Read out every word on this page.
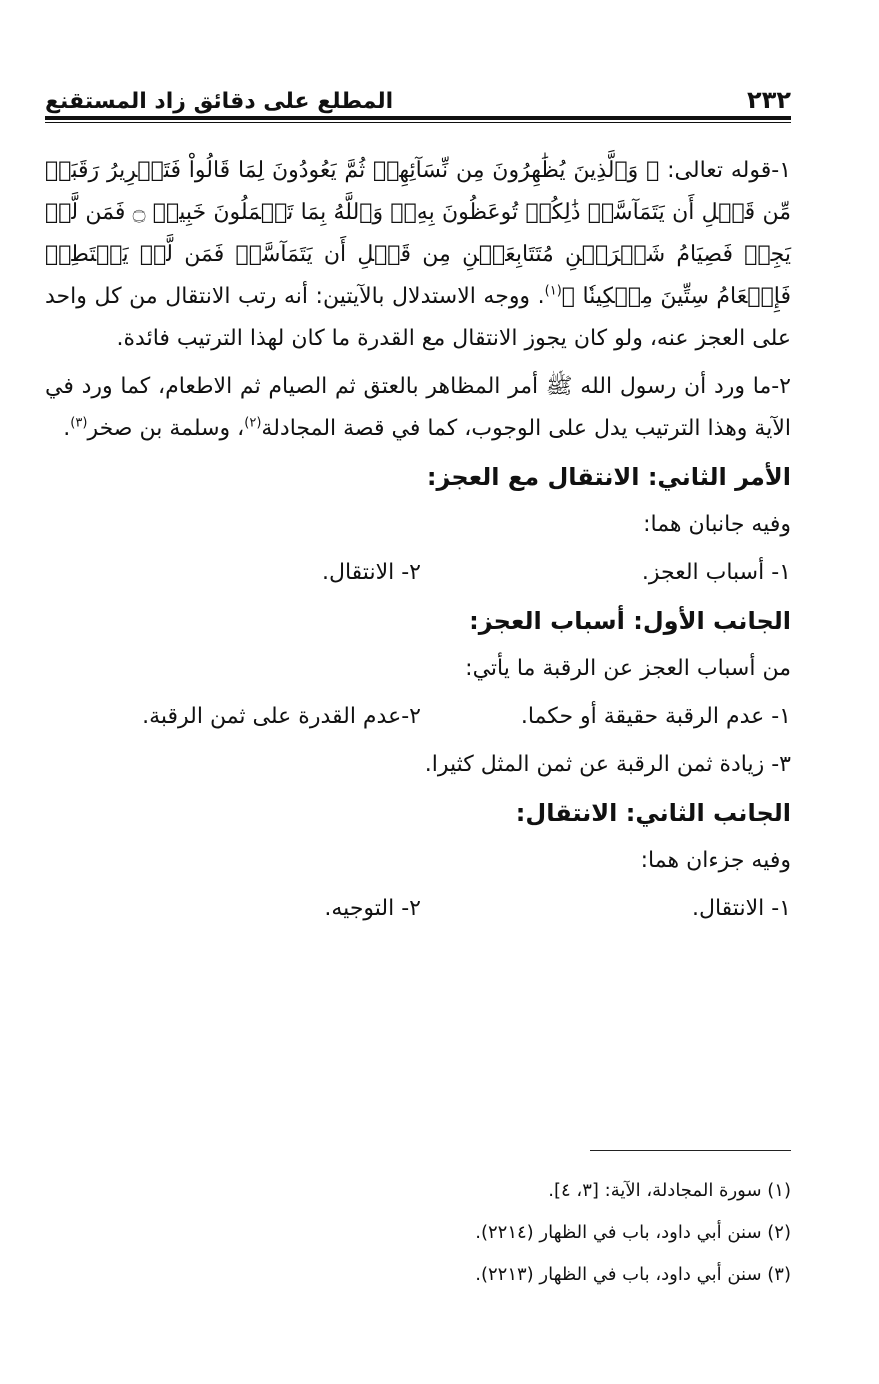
٢٣٢
المطلع على دقائق زاد المستقنع

١-قوله تعالى: ﴿ وَٱلَّذِينَ يُظَٰهِرُونَ مِن نِّسَآئِهِمۡ ثُمَّ يَعُودُونَ لِمَا قَالُواْ فَتَحۡرِيرُ رَقَبَةٖ مِّن قَبۡلِ أَن يَتَمَآسَّاۚ ذَٰلِكُمۡ تُوعَظُونَ بِهِۦۚ وَٱللَّهُ بِمَا تَعۡمَلُونَ خَبِيرٞ ۝ فَمَن لَّمۡ يَجِدۡ فَصِيَامُ شَهۡرَيۡنِ مُتَتَابِعَيۡنِ مِن قَبۡلِ أَن يَتَمَآسَّاۖ فَمَن لَّمۡ يَسۡتَطِعۡ فَإِطۡعَامُ سِتِّينَ مِسۡكِينٗا ﴾$^{(١)}$. ووجه الاستدلال بالآيتين: أنه رتب الانتقال من كل واحد على العجز عنه، ولو كان يجوز الانتقال مع القدرة ما كان لهذا الترتيب فائدة.

٢-ما ورد أن رسول الله ﷺ أمر المظاهر بالعتق ثم الصيام ثم الاطعام، كما ورد في الآية وهذا الترتيب يدل على الوجوب، كما في قصة المجادلة$^{(٢)}$، وسلمة بن صخر$^{(٣)}$.

الأمر الثاني: الانتقال مع العجز:
وفيه جانبان هما:
١- أسباب العجز.
٢- الانتقال.
الجانب الأول: أسباب العجز:
من أسباب العجز عن الرقبة ما يأتي:
١- عدم الرقبة حقيقة أو حكما.
٢-عدم القدرة على ثمن الرقبة.
٣- زيادة ثمن الرقبة عن ثمن المثل كثيرا.
الجانب الثاني: الانتقال:
وفيه جزءان هما:
١- الانتقال.
٢- التوجيه.

(١) سورة المجادلة، الآية: [٣، ٤].

(٢) سنن أبي داود، باب في الظهار (٢٢١٤).

(٣) سنن أبي داود، باب في الظهار (٢٢١٣).
